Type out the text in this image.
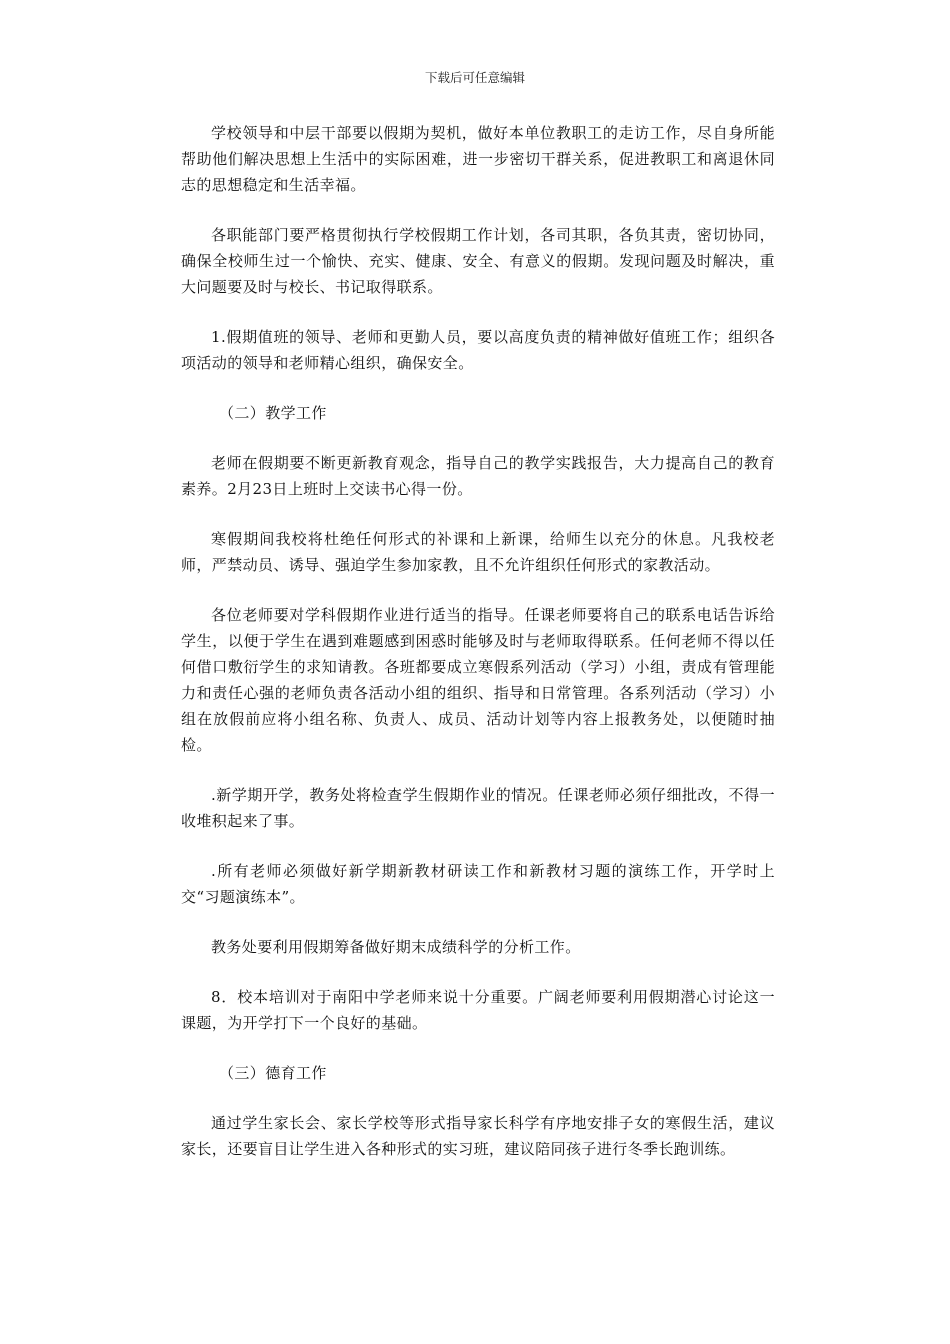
下载后可任意编辑

学校领导和中层干部要以假期为契机，做好本单位教职工的走访工作，尽自身所能帮助他们解决思想上生活中的实际困难，进一步密切干群关系，促进教职工和离退休同志的思想稳定和生活幸福。

各职能部门要严格贯彻执行学校假期工作计划，各司其职，各负其责，密切协同，确保全校师生过一个愉快、充实、健康、安全、有意义的假期。发现问题及时解决，重大问题要及时与校长、书记取得联系。

1.假期值班的领导、老师和更勤人员，要以高度负责的精神做好值班工作；组织各项活动的领导和老师精心组织，确保安全。

（二）教学工作

老师在假期要不断更新教育观念，指导自己的教学实践报告，大力提高自己的教育素养。2月23日上班时上交读书心得一份。

寒假期间我校将杜绝任何形式的补课和上新课，给师生以充分的休息。凡我校老师，严禁动员、诱导、强迫学生参加家教，且不允许组织任何形式的家教活动。

各位老师要对学科假期作业进行适当的指导。任课老师要将自己的联系电话告诉给学生，以便于学生在遇到难题感到困惑时能够及时与老师取得联系。任何老师不得以任何借口敷衍学生的求知请教。各班都要成立寒假系列活动（学习）小组，责成有管理能力和责任心强的老师负责各活动小组的组织、指导和日常管理。各系列活动（学习）小组在放假前应将小组名称、负责人、成员、活动计划等内容上报教务处，以便随时抽检。

.新学期开学，教务处将检查学生假期作业的情况。任课老师必须仔细批改，不得一收堆积起来了事。

.所有老师必须做好新学期新教材研读工作和新教材习题的演练工作，开学时上交“习题演练本”。

教务处要利用假期筹备做好期末成绩科学的分析工作。

8．校本培训对于南阳中学老师来说十分重要。广阔老师要利用假期潜心讨论这一课题，为开学打下一个良好的基础。

（三）德育工作

通过学生家长会、家长学校等形式指导家长科学有序地安排子女的寒假生活，建议家长，还要盲目让学生进入各种形式的实习班，建议陪同孩子进行冬季长跑训练。
